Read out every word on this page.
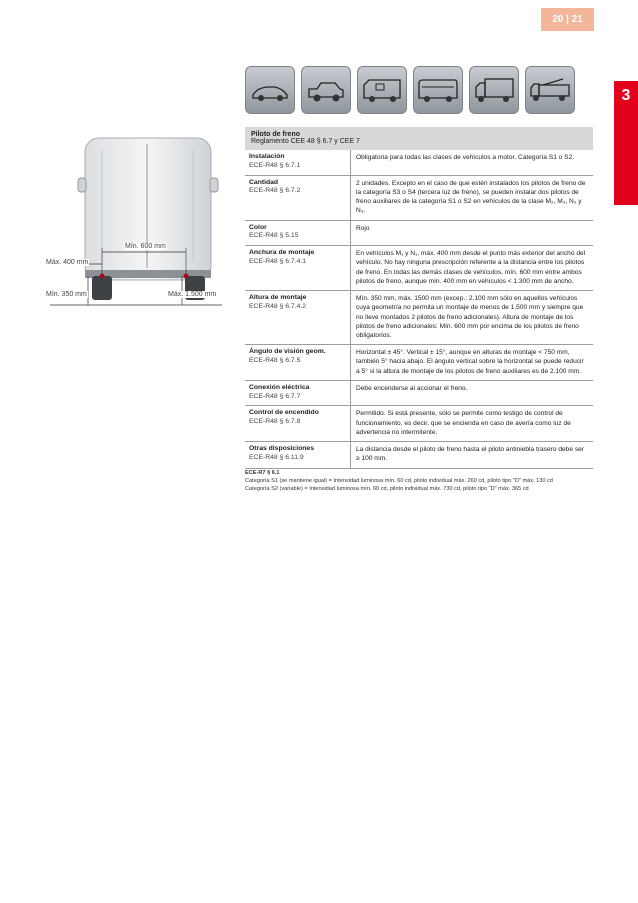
20 | 21
3
Mín. 600 mm
Máx. 400 mm
Mín. 350 mm	Máx. 1.500 mm
Piloto de freno
Reglamento CEE 48 § 6.7 y CEE 7
Instalación
ECE-R48 § 6.7.1
Obligatoria para todas las clases de vehículos a motor. Categoría S1 o S2.
Cantidad
ECE-R48 § 6.7.2
2 unidades. Excepto en el caso de que estén instalados los pilotos de freno de la categoría S3 o S4 (tercera luz de freno), se pueden instalar dos pilotos de freno auxiliares de la categoría S1 o S2 en vehículos de la clase M₂, M₃, N₂ y N₃.
Color
ECE-R48 § 5.15
Rojo
Anchura de montaje
ECE-R48 § 6.7.4.1
En vehículos M₁ y N₁, máx. 400 mm desde el punto más exterior del ancho del vehículo. No hay ninguna prescripción referente a la distancia entre los pilotos de freno. En todas las demás clases de vehículos, mín. 600 mm entre ambos pilotos de freno, aunque mín. 400 mm en vehículos < 1.300 mm de ancho.
Altura de montaje
ECE-R48 § 6.7.4.2
Mín. 350 mm, máx. 1500 mm (excep.: 2.100 mm sólo en aquellos vehículos cuya geometría no permita un montaje de menos de 1.500 mm y siempre que no lleve montados 2 pilotos de freno adicionales). Altura de montaje de los pilotos de freno adicionales: Mín. 600 mm por encima de los pilotos de freno obligatorios.
Ángulo de visión geom.
ECE-R48 § 6.7.5
Horizontal ± 45°. Vertical ± 15°, aunque en alturas de montaje < 750 mm, también 5° hacia abajo. El ángulo vertical sobre la horizontal se puede reducir a 5° si la altura de montaje de los pilotos de freno auxiliares es de 2.100 mm.
Conexión eléctrica
ECE-R48 § 6.7.7
Debe encenderse al accionar el freno.
Control de encendido
ECE-R48 § 6.7.8
Permitido. Si está presente, sólo se permite como testigo de control de funcionamiento, es decir, que se encienda en caso de avería como luz de advertencia no intermitente.
Otras disposiciones
ECE-R48 § 6.11.9
La distancia desde el piloto de freno hasta el piloto antiniebla trasero debe ser ≥ 100 mm.
ECE-R7 § 6.1
Categoría S1 (se mantiene igual) = Intensidad luminosa mín. 60 cd, piloto individual máx. 260 cd, piloto tipo "D" máx. 130 cd
Categoría S2 (variable) = Intensidad luminosa mín. 60 cd, piloto individual máx. 730 cd, piloto tipo "D" máx. 365 cd
